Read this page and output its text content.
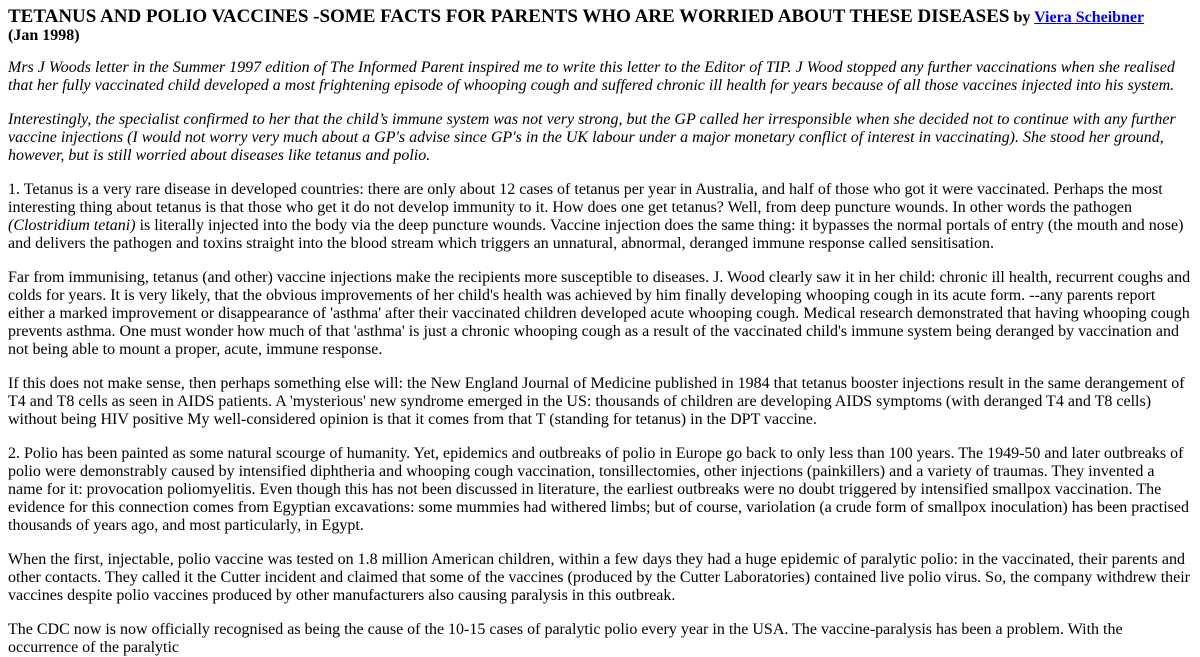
TETANUS AND POLIO VACCINES -SOME FACTS FOR PARENTS WHO ARE WORRIED ABOUT THESE DISEASES by Viera Scheibner
(Jan 1998)

Mrs J Woods letter in the Summer 1997 edition of The Informed Parent inspired me to write this letter to the Editor of TIP. J Wood stopped any further vaccinations when she realised that her fully vaccinated child developed a most frightening episode of whooping cough and suffered chronic ill health for years because of all those vaccines injected into his system.

Interestingly, the specialist confirmed to her that the child’s immune system was not very strong, but the GP called her irresponsible when she decided not to continue with any further vaccine injections (I would not worry very much about a GP's advise since GP's in the UK labour under a major monetary conflict of interest in vaccinating). She stood her ground, however, but is still worried about diseases like tetanus and polio.

1. Tetanus is a very rare disease in developed countries: there are only about 12 cases of tetanus per year in Australia, and half of those who got it were vaccinated. Perhaps the most interesting thing about tetanus is that those who get it do not develop immunity to it. How does one get tetanus? Well, from deep puncture wounds. In other words the pathogen (Clostridium tetani) is literally injected into the body via the deep puncture wounds. Vaccine injection does the same thing: it bypasses the normal portals of entry (the mouth and nose) and delivers the pathogen and toxins straight into the blood stream which triggers an unnatural, abnormal, deranged immune response called sensitisation.

Far from immunising, tetanus (and other) vaccine injections make the recipients more susceptible to diseases. J. Wood clearly saw it in her child: chronic ill health, recurrent coughs and colds for years. It is very likely, that the obvious improvements of her child's health was achieved by him finally developing whooping cough in its acute form. --any parents report either a marked improvement or disappearance of 'asthma' after their vaccinated children developed acute whooping cough. Medical research demonstrated that having whooping cough prevents asthma. One must wonder how much of that 'asthma' is just a chronic whooping cough as a result of the vaccinated child's immune system being deranged by vaccination and not being able to mount a proper, acute, immune response.

If this does not make sense, then perhaps something else will: the New England Journal of Medicine published in 1984 that tetanus booster injections result in the same derangement of T4 and T8 cells as seen in AIDS patients. A 'mysterious' new syndrome emerged in the US: thousands of children are developing AIDS symptoms (with deranged T4 and T8 cells) without being HIV positive My well-considered opinion is that it comes from that T (standing for tetanus) in the DPT vaccine.

2. Polio has been painted as some natural scourge of humanity. Yet, epidemics and outbreaks of polio in Europe go back to only less than 100 years. The 1949-50 and later outbreaks of polio were demonstrably caused by intensified diphtheria and whooping cough vaccination, tonsillectomies, other injections (painkillers) and a variety of traumas. They invented a name for it: provocation poliomyelitis. Even though this has not been discussed in literature, the earliest outbreaks were no doubt triggered by intensified smallpox vaccination. The evidence for this connection comes from Egyptian excavations: some mummies had withered limbs; but of course, variolation (a crude form of smallpox inoculation) has been practised thousands of years ago, and most particularly, in Egypt.

When the first, injectable, polio vaccine was tested on 1.8 million American children, within a few days they had a huge epidemic of paralytic polio: in the vaccinated, their parents and other contacts. They called it the Cutter incident and claimed that some of the vaccines (produced by the Cutter Laboratories) contained live polio virus. So, the company withdrew their vaccines despite polio vaccines produced by other manufacturers also causing paralysis in this outbreak.

The CDC now is now officially recognised as being the cause of the 10-15 cases of paralytic polio every year in the USA. The vaccine-paralysis has been a problem. With the occurrence of the paralytic
